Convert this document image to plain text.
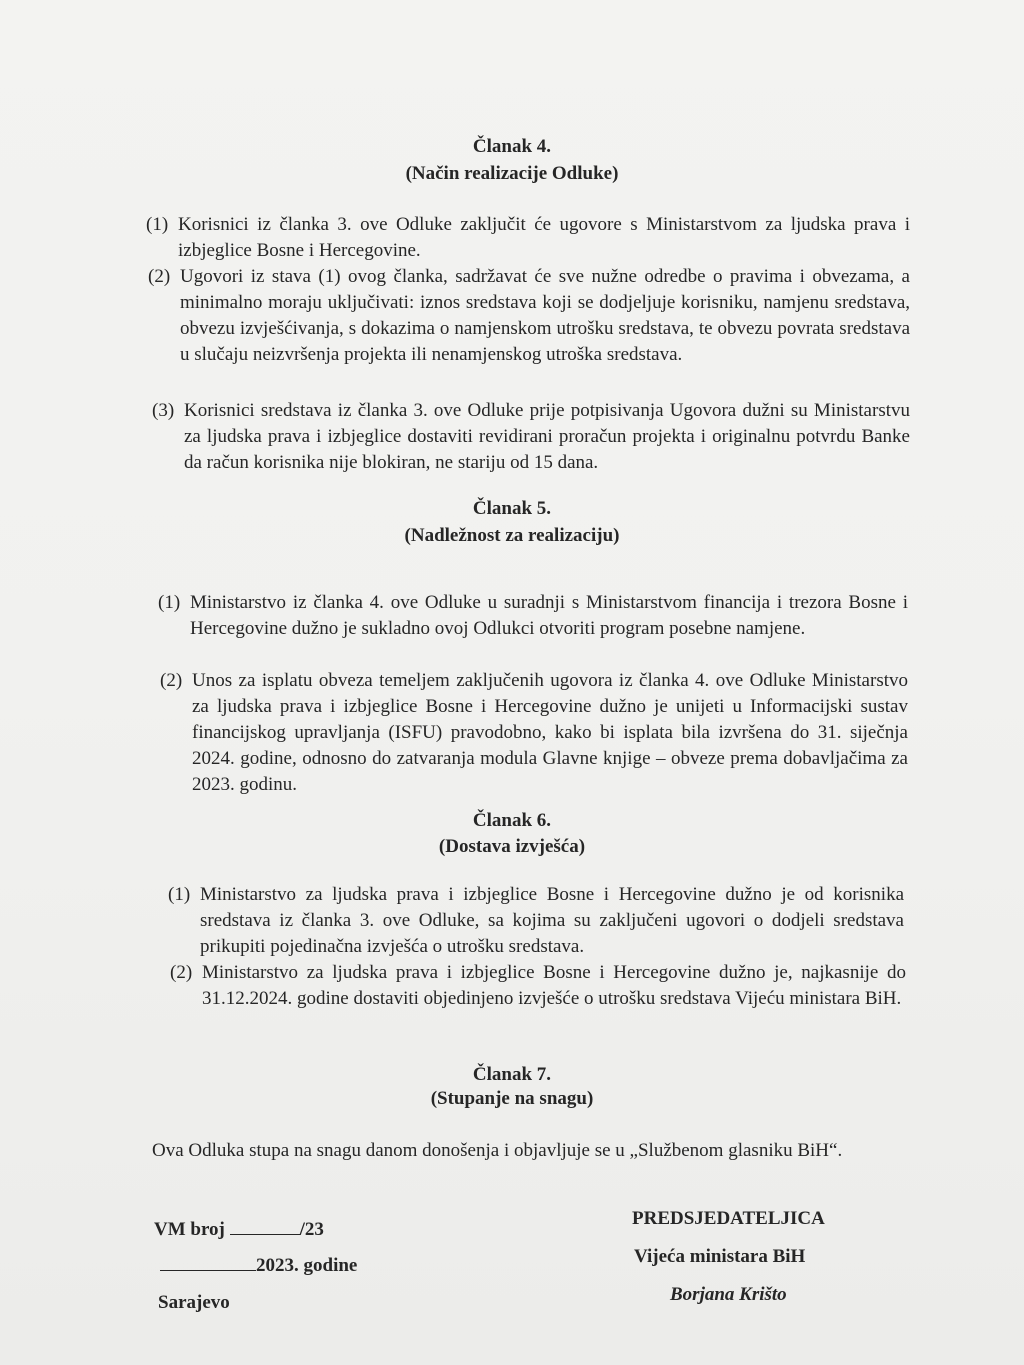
Članak 4.
(Način realizacije Odluke)
(1) Korisnici iz članka 3. ove Odluke zaključit će ugovore s Ministarstvom za ljudska prava i izbjeglice Bosne i Hercegovine.
(2) Ugovori iz stava (1) ovog članka, sadržavat će sve nužne odredbe o pravima i obvezama, a minimalno moraju uključivati: iznos sredstava koji se dodjeljuje korisniku, namjenu sredstava, obvezu izvješćivanja, s dokazima o namjenskom utrošku sredstava, te obvezu povrata sredstava u slučaju neizvršenja projekta ili nenamjenskog utroška sredstava.
(3) Korisnici sredstava iz članka 3. ove Odluke prije potpisivanja Ugovora dužni su Ministarstvu za ljudska prava i izbjeglice dostaviti revidirani proračun projekta i originalnu potvrdu Banke da račun korisnika nije blokiran, ne stariju od 15 dana.
Članak 5.
(Nadležnost za realizaciju)
(1) Ministarstvo iz članka 4. ove Odluke u suradnji s Ministarstvom financija i trezora Bosne i Hercegovine dužno je sukladno ovoj Odlukci otvoriti program posebne namjene.
(2) Unos za isplatu obveza temeljem zaključenih ugovora iz članka 4. ove Odluke Ministarstvo za ljudska prava i izbjeglice Bosne i Hercegovine dužno je unijeti u Informacijski sustav financijskog upravljanja (ISFU) pravodobno, kako bi isplata bila izvršena do 31. siječnja 2024. godine, odnosno do zatvaranja modula Glavne knjige – obveze prema dobavljačima za 2023. godinu.
Članak 6.
(Dostava izvješća)
(1) Ministarstvo za ljudska prava i izbjeglice Bosne i Hercegovine dužno je od korisnika sredstava iz članka 3. ove Odluke, sa kojima su zaključeni ugovori o dodjeli sredstava prikupiti pojedinačna izvješća o utrošku sredstava.
(2) Ministarstvo za ljudska prava i izbjeglice Bosne i Hercegovine dužno je, najkasnije do 31.12.2024. godine dostaviti objedinjeno izvješće o utrošku sredstava Vijeću ministara BiH.
Članak 7.
(Stupanje na snagu)
Ova Odluka stupa na snagu danom donošenja i objavljuje se u „Službenom glasniku BiH“.
VM broj	/23
2023. godine
Sarajevo
PREDSJEDATELJICA
Vijeća ministara BiH
Borjana Krišto
